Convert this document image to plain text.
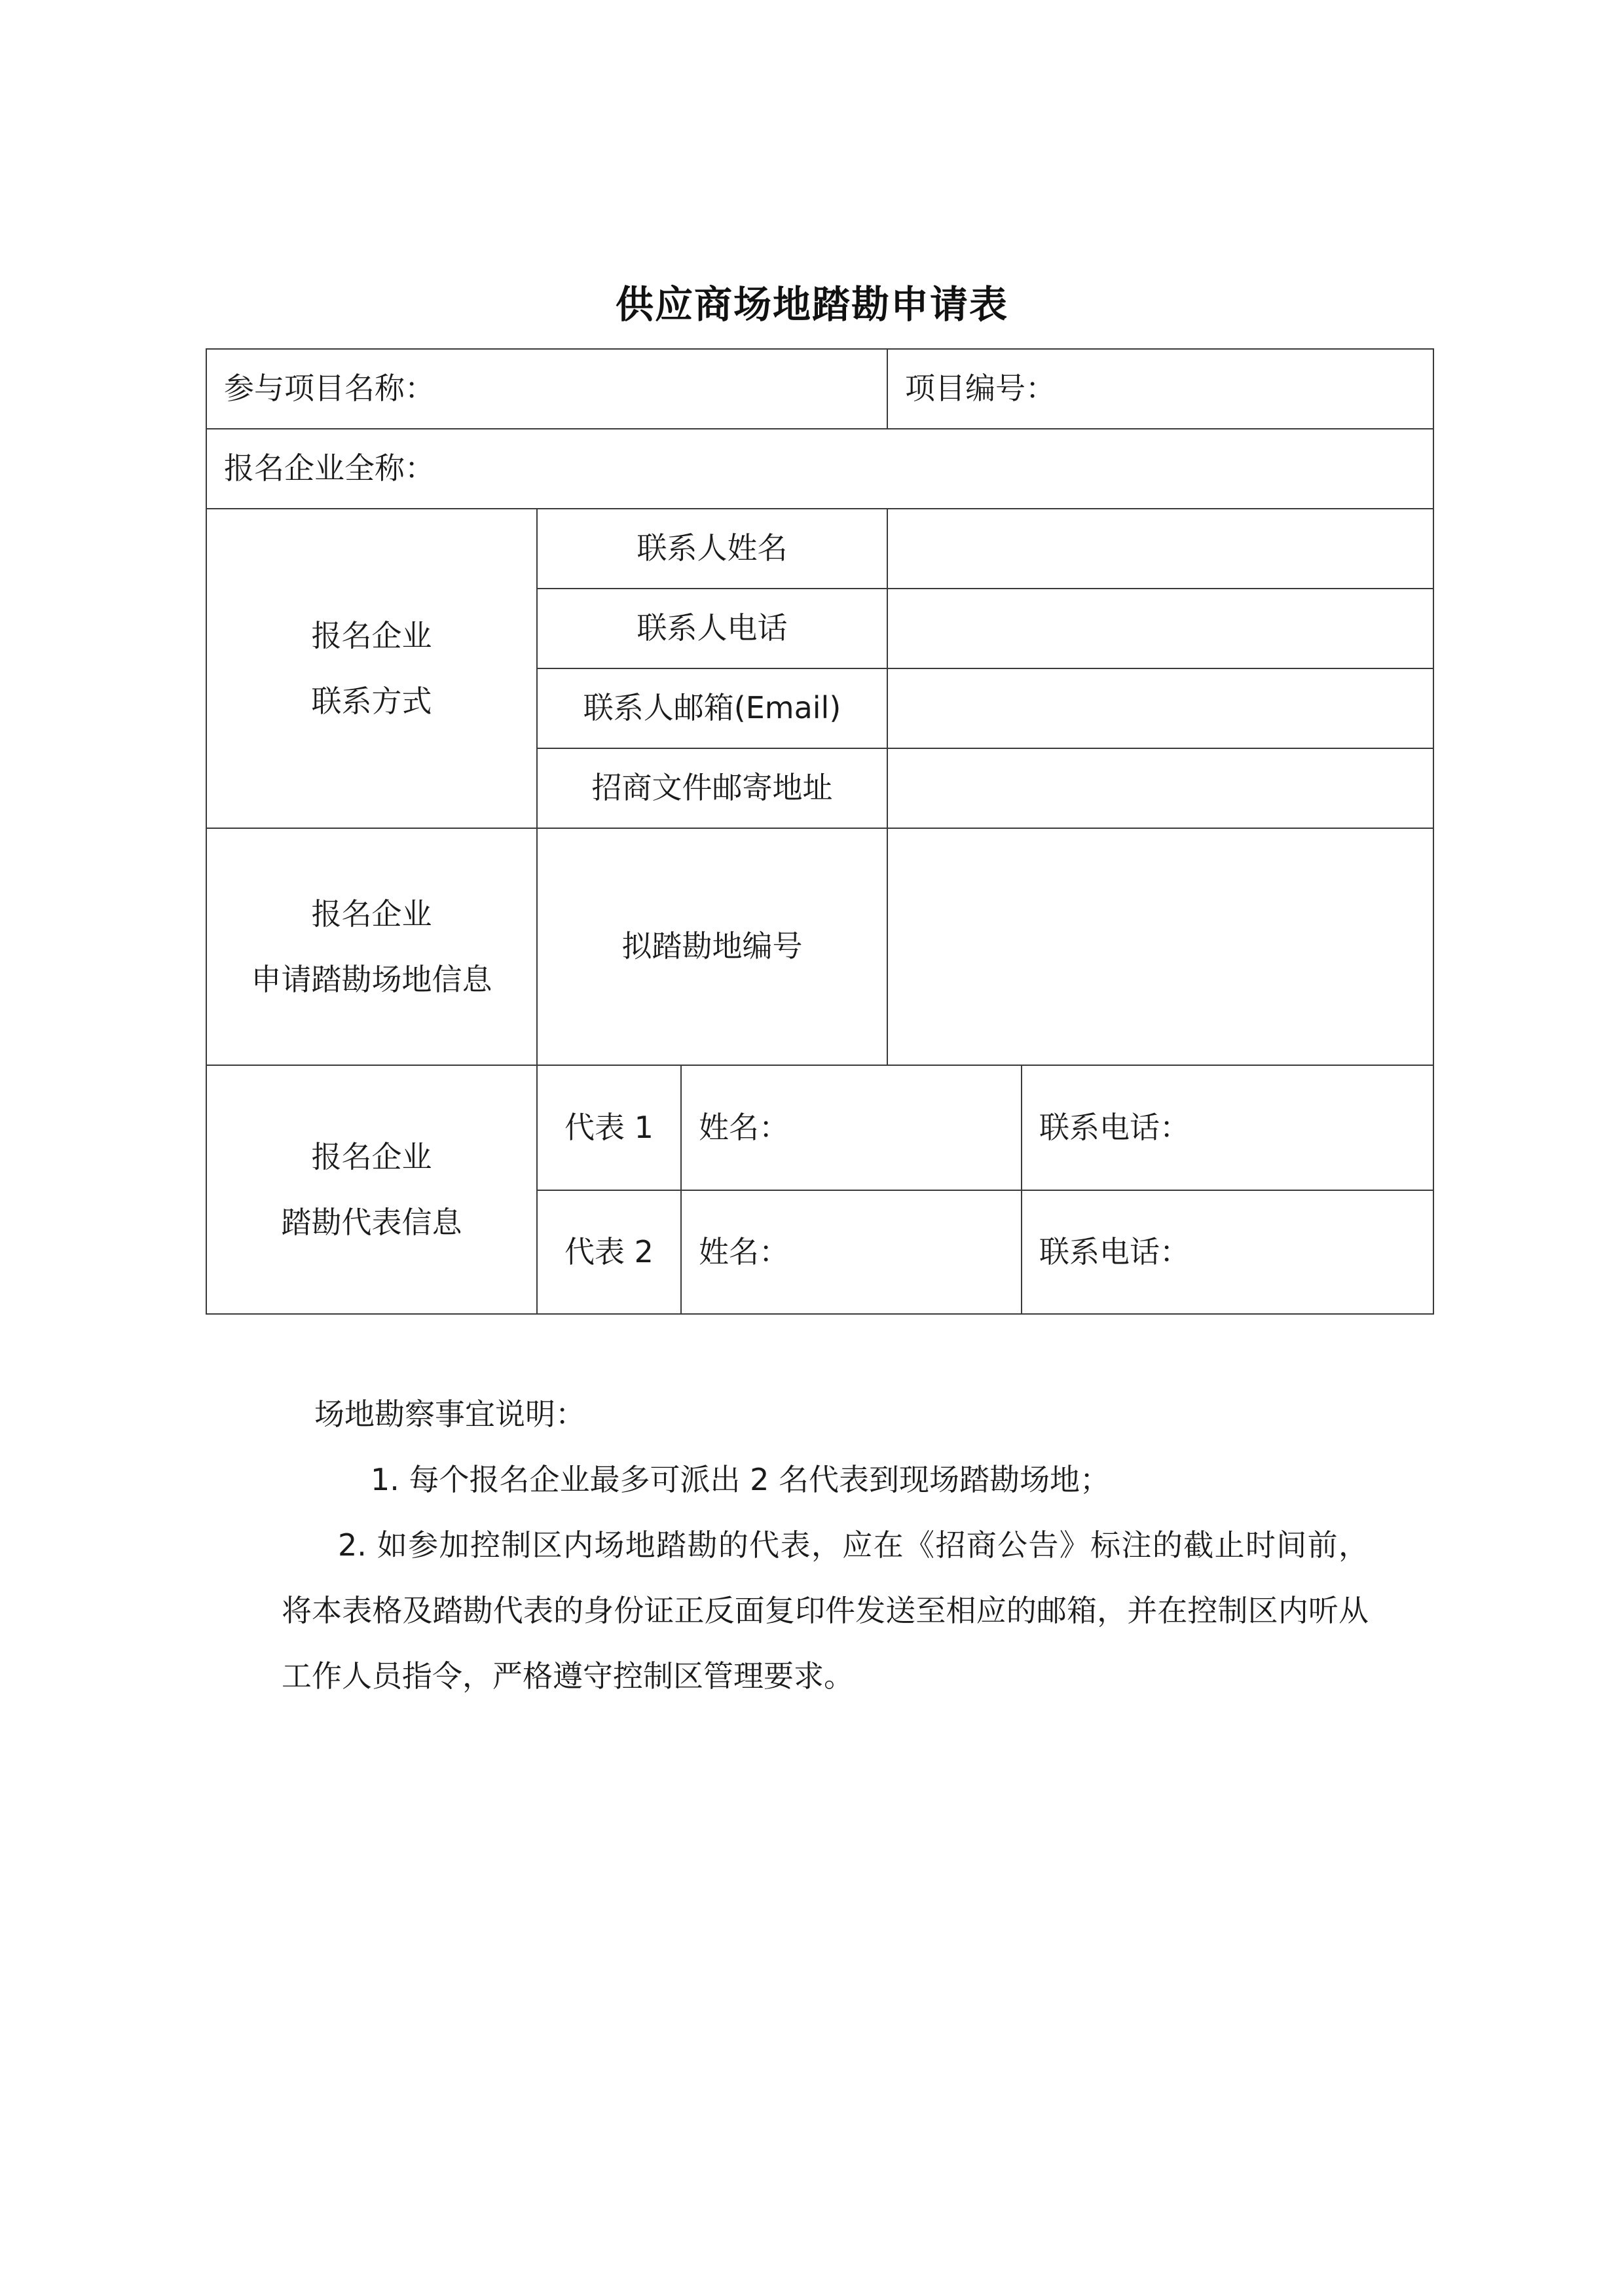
供应商场地踏勘申请表
参与项目名称：			项目编号：	
报名企业全称：				

报名企业
联系方式	联系人姓名			
	联系人电话			
	联系人邮箱(Email)			
	招商文件邮寄地址			

报名企业
申请踏勘场地信息	拟踏勘地编号			

报名企业
踏勘代表信息	代表 1	姓名：		联系电话：
	代表 2	姓名：		联系电话：

场地勘察事宜说明：

1. 每个报名企业最多可派出 2 名代表到现场踏勘场地；

2. 如参加控制区内场地踏勘的代表，应在《招商公告》标注的截止时间前，将本表格及踏勘代表的身份证正反面复印件发送至相应的邮箱，并在控制区内听从工作人员指令，严格遵守控制区管理要求。
